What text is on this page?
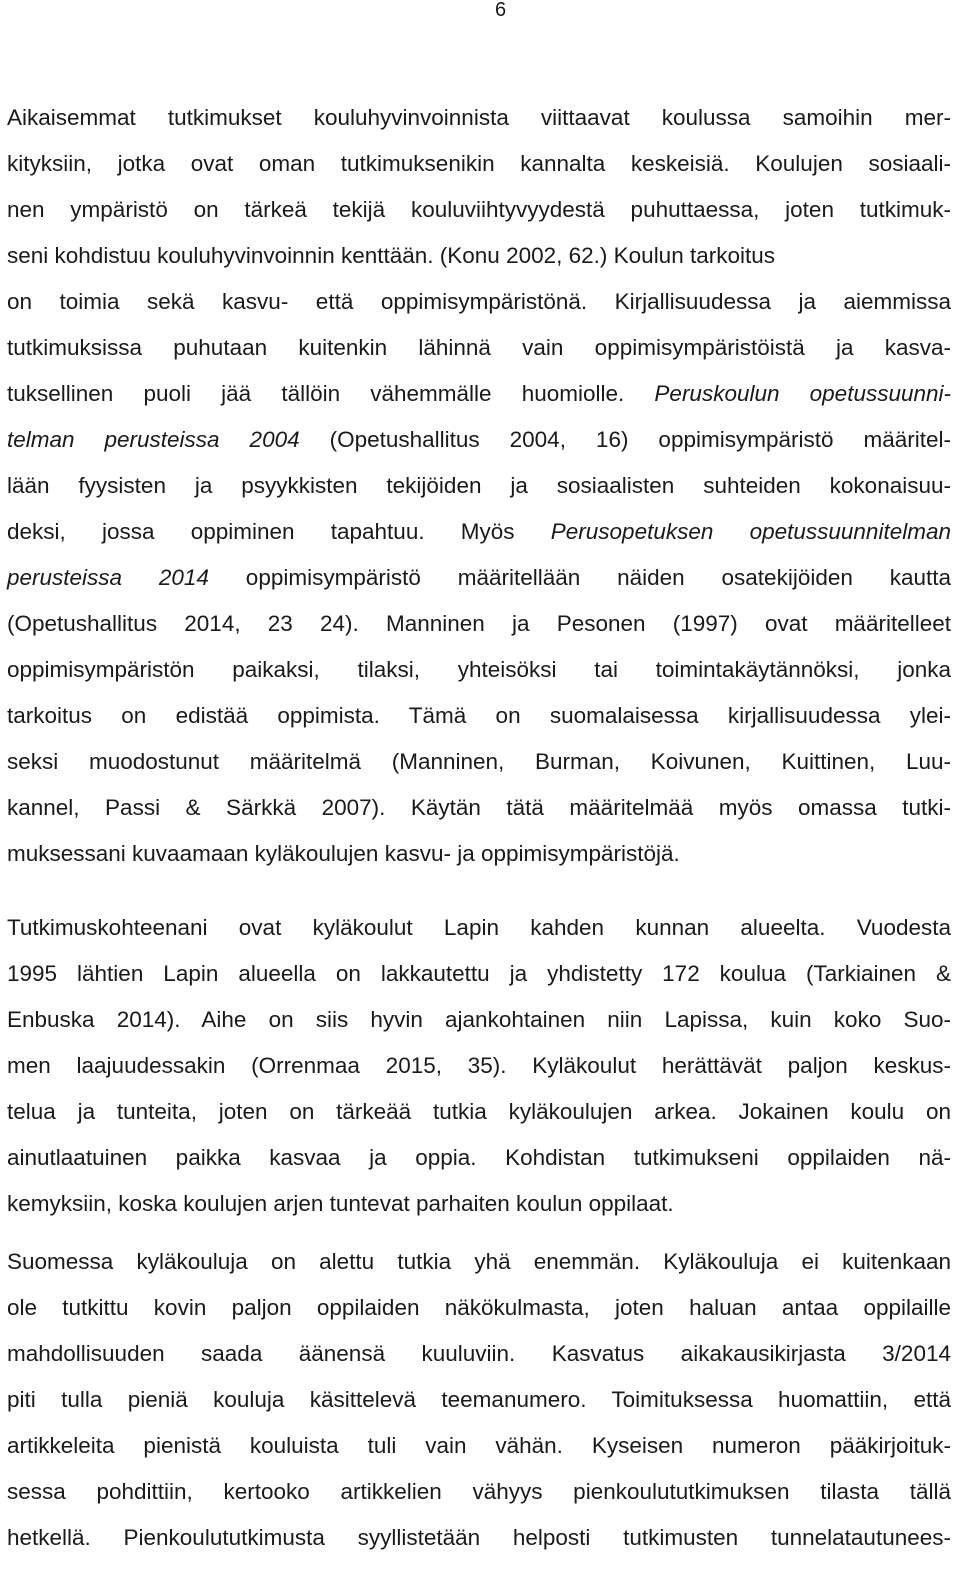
6
Aikaisemmat tutkimukset kouluhyvinvoinnista viittaavat koulussa samoihin mer-
kityksiin, jotka ovat oman tutkimuksenikin kannalta keskeisiä. Koulujen sosiaali-
nen ympäristö on tärkeä tekijä kouluviihtyvyydestä puhuttaessa, joten tutkimuk-
seni kohdistuu kouluhyvinvoinnin kenttään. (Konu 2002, 62.) Koulun tarkoitus
on toimia sekä kasvu- että oppimisympäristönä. Kirjallisuudessa ja aiemmissa
tutkimuksissa puhutaan kuitenkin lähinnä vain oppimisympäristöistä ja kasva-
tuksellinen puoli jää tällöin vähemmälle huomiolle. Peruskoulun opetussuunni-
telman perusteissa 2004 (Opetushallitus 2004, 16) oppimisympäristö määritel-
lään fyysisten ja psyykkisten tekijöiden ja sosiaalisten suhteiden kokonaisuu-
deksi, jossa oppiminen tapahtuu. Myös Perusopetuksen opetussuunnitelman
perusteissa 2014 oppimisympäristö määritellään näiden osatekijöiden kautta
(Opetushallitus 2014, 23 24). Manninen ja Pesonen (1997) ovat määritelleet
oppimisympäristön paikaksi, tilaksi, yhteisöksi tai toimintakäytännöksi, jonka
tarkoitus on edistää oppimista. Tämä on suomalaisessa kirjallisuudessa ylei-
seksi muodostunut määritelmä (Manninen, Burman, Koivunen, Kuittinen, Luu-
kannel, Passi & Särkkä 2007). Käytän tätä määritelmää myös omassa tutki-
muksessani kuvaamaan kyläkoulujen kasvu- ja oppimisympäristöjä.
Tutkimuskohteenani ovat kyläkoulut Lapin kahden kunnan alueelta. Vuodesta
1995 lähtien Lapin alueella on lakkautettu ja yhdistetty 172 koulua (Tarkiainen &
Enbuska 2014). Aihe on siis hyvin ajankohtainen niin Lapissa, kuin koko Suo-
men laajuudessakin (Orrenmaa 2015, 35). Kyläkoulut herättävät paljon keskus-
telua ja tunteita, joten on tärkeää tutkia kyläkoulujen arkea. Jokainen koulu on
ainutlaatuinen paikka kasvaa ja oppia. Kohdistan tutkimukseni oppilaiden nä-
kemyksiin, koska koulujen arjen tuntevat parhaiten koulun oppilaat.
Suomessa kyläkouluja on alettu tutkia yhä enemmän. Kyläkouluja ei kuitenkaan
ole tutkittu kovin paljon oppilaiden näkökulmasta, joten haluan antaa oppilaille
mahdollisuuden saada äänensä kuuluviin. Kasvatus aikakausikirjasta 3/2014
piti tulla pieniä kouluja käsittelevä teemanumero. Toimituksessa huomattiin, että
artikkeleita pienistä kouluista tuli vain vähän. Kyseisen numeron pääkirjoituk-
sessa pohdittiin, kertooko artikkelien vähyys pienkoulututkimuksen tilasta tällä
hetkellä. Pienkoulututkimusta syyllistetään helposti tutkimusten tunnelatautunees-
